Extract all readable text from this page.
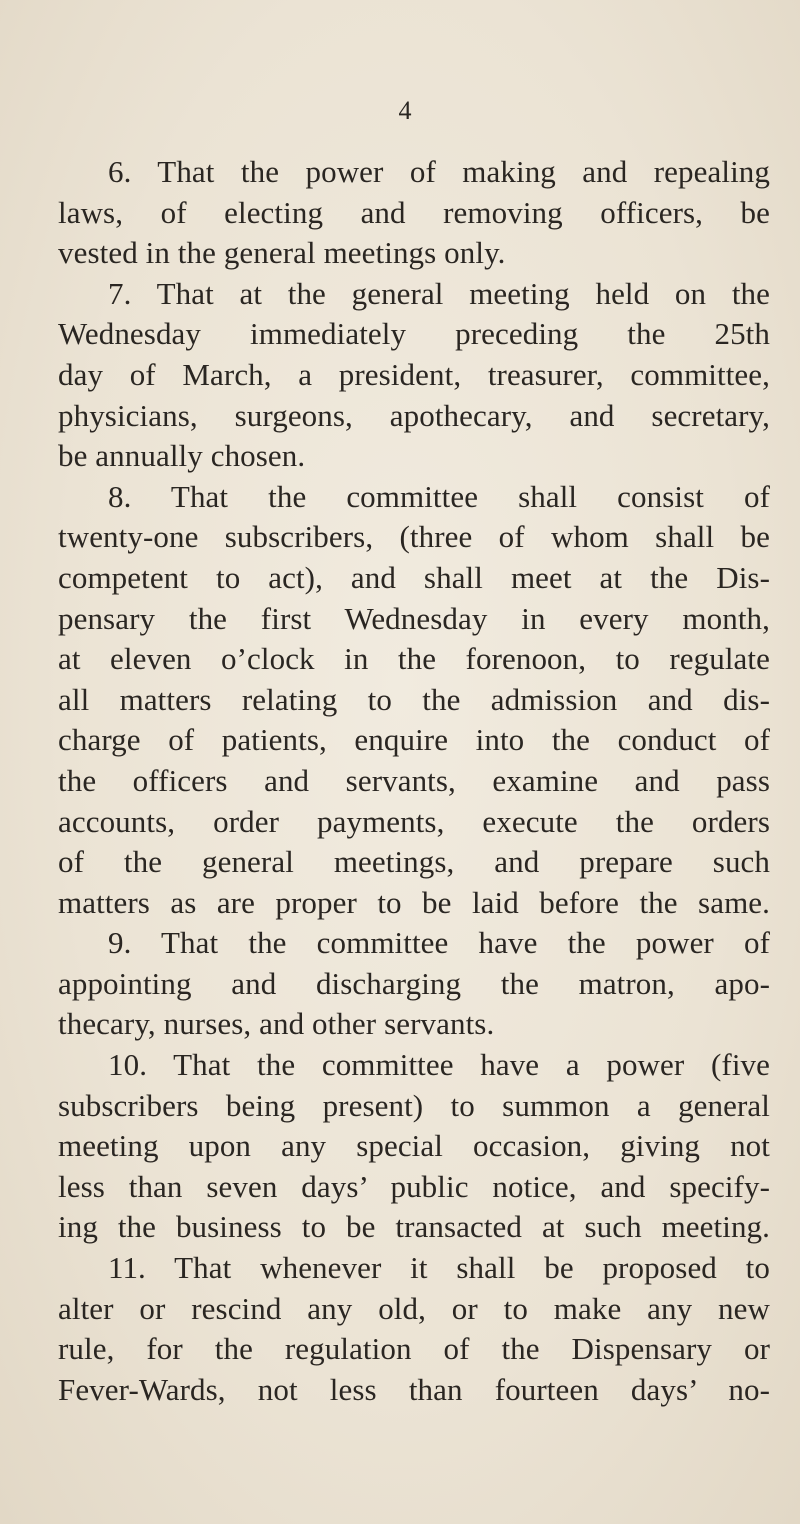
4
6. That the power of making and repealing
laws, of electing and removing officers, be
vested in the general meetings only.
7. That at the general meeting held on the
Wednesday immediately preceding the 25th
day of March, a president, treasurer, committee,
physicians, surgeons, apothecary, and secretary,
be annually chosen.
8. That the committee shall consist of
twenty-one subscribers, (three of whom shall be
competent to act), and shall meet at the Dis-
pensary the first Wednesday in every month,
at eleven o’clock in the forenoon, to regulate
all matters relating to the admission and dis-
charge of patients, enquire into the conduct of
the officers and servants, examine and pass
accounts, order payments, execute the orders
of the general meetings, and prepare such
matters as are proper to be laid before the same.
9. That the committee have the power of
appointing and discharging the matron, apo-
thecary, nurses, and other servants.
10. That the committee have a power (five
subscribers being present) to summon a general
meeting upon any special occasion, giving not
less than seven days’ public notice, and specify-
ing the business to be transacted at such meeting.
11. That whenever it shall be proposed to
alter or rescind any old, or to make any new
rule, for the regulation of the Dispensary or
Fever-Wards, not less than fourteen days’ no-
